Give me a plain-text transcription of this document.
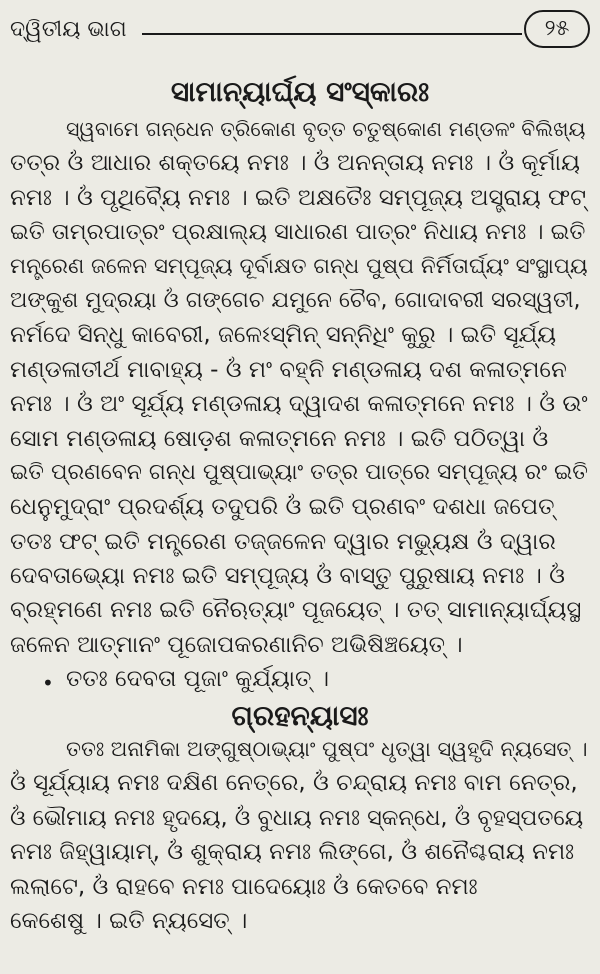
ଦ୍ୱିତୀୟ ଭାଗ	୨୫
ସାମାନ୍ୟାର୍ଘ୍ୟ ସଂସ୍କାରଃ
ସ୍ୱବାମେ ଗନ୍ଧେନ ତ୍ରିକୋଣ ବୃତ୍ତ ଚତୁଷ୍କୋଣ ମଣ୍ଡଳଂ ବିଲିଖ୍ୟ
ତତ୍ର ଓଁ ଆଧାର ଶକ୍ତୟେ ନମଃ । ଓଁ ଅନନ୍ତାୟ ନମଃ । ଓଁ କୂର୍ମାୟ
ନମଃ । ଓଁ ପୃଥିବ୍ୟୈ ନମଃ । ଇତି ଅକ୍ଷତୈଃ ସମ୍ପୂଜ୍ୟ ଅସ୍ତ୍ରାୟ ଫଟ୍
ଇତି ତାମ୍ରପାତ୍ରଂ ପ୍ରକ୍ଷାଲ୍ୟ ସାଧାରଣ ପାତ୍ରଂ ନିଧାୟ ନମଃ । ଇତି
ମନ୍ତ୍ରେଣ ଜଳେନ ସମ୍ପୂଜ୍ୟ ଦୂର୍ବାକ୍ଷତ ଗନ୍ଧ ପୁଷ୍ପ ନିର୍ମିତାର୍ଘ୍ୟଂ ସଂସ୍ଥାପ୍ୟ
ଅଙ୍କୁଶ ମୁଦ୍ରୟା ଓଁ ଗଙ୍ଗେଚ ଯମୁନେ ଚୈବ, ଗୋଦାବରୀ ସରସ୍ୱତୀ,
ନର୍ମଦେ ସିନ୍ଧୁ କାବେରୀ, ଜଳେଽସ୍ମିନ୍ ସନ୍ନିଧିଂ କୁରୁ । ଇତି ସୂର୍ଯ୍ୟ
ମଣ୍ଡଳାତୀର୍ଥ ମାବାହ୍ୟ - ଓଁ ମଂ ବହ୍ନି ମଣ୍ଡଳାୟ ଦଶ କଳାତ୍ମନେ
ନମଃ । ଓଁ ଅଂ ସୂର୍ଯ୍ୟ ମଣ୍ଡଳାୟ ଦ୍ୱାଦଶ କଳାତ୍ମନେ ନମଃ । ଓଁ ଉଂ
ସୋମ ମଣ୍ଡଳାୟ ଷୋଡ଼ଶ କଳାତ୍ମନେ ନମଃ । ଇତି ପଠିତ୍ୱା ଓଁ
ଇତି ପ୍ରଣବେନ ଗନ୍ଧ ପୁଷ୍ପାଭ୍ୟାଂ ତତ୍ର ପାତ୍ରେ ସମ୍ପୂଜ୍ୟ ରଂ ଇତି
ଧେନୁମୁଦ୍ରାଂ ପ୍ରଦର୍ଶ୍ୟ ତଦୁପରି ଓଁ ଇତି ପ୍ରଣବଂ ଦଶଧା ଜପେତ୍
ତତଃ ଫଟ୍ ଇତି ମନ୍ତ୍ରେଣ ତଜ୍ଜଳେନ ଦ୍ୱାର ମଭ୍ୟୁକ୍ଷ ଓଁ ଦ୍ୱାର
ଦେବତାଭ୍ୟୋ ନମଃ ଇତି ସମ୍ପୂଜ୍ୟ ଓଁ ବାସ୍ତୁ ପୁରୁଷାୟ ନମଃ । ଓଁ
ବ୍ରହ୍ମଣେ ନମଃ ଇତି ନୈଋତ୍ୟାଂ ପୂଜୟେତ୍ । ତତ୍ ସାମାନ୍ୟାର୍ଘ୍ୟସ୍ଥ
ଜଳେନ ଆତ୍ମାନଂ ପୂଜୋପକରଣାନିଚ ଅଭିଷିଞ୍ଚୟେତ୍ ।
• ତତଃ ଦେବତା ପୂଜାଂ କୁର୍ଯ୍ୟାତ୍ ।
ଗ୍ରହନ୍ୟାସଃ
ତତଃ ଅନାମିକା ଅଙ୍ଗୁଷ୍ଠାଭ୍ୟାଂ ପୁଷ୍ପଂ ଧୃତ୍ୱା ସ୍ୱହୃଦି ନ୍ୟସେତ୍ ।
ଓଁ ସୂର୍ଯ୍ୟାୟ ନମଃ ଦକ୍ଷିଣ ନେତ୍ରେ, ଓଁ ଚନ୍ଦ୍ରାୟ ନମଃ ବାମ ନେତ୍ର,
ଓଁ ଭୌମାୟ ନମଃ ହୃଦୟେ, ଓଁ ବୁଧାୟ ନମଃ ସ୍କନ୍ଧେ, ଓଁ ବୃହସ୍ପତୟେ
ନମଃ ଜିହ୍ୱାୟାମ୍, ଓଁ ଶୁକ୍ରାୟ ନମଃ ଲିଙ୍ଗେ, ଓଁ ଶନୈଶ୍ଚରାୟ ନମଃ
ଲଲାଟେ, ଓଁ ରାହବେ ନମଃ ପାଦେୟୋଃ ଓଁ କେତବେ ନମଃ
କେଶେଷୁ । ଇତି ନ୍ୟସେତ୍ ।
